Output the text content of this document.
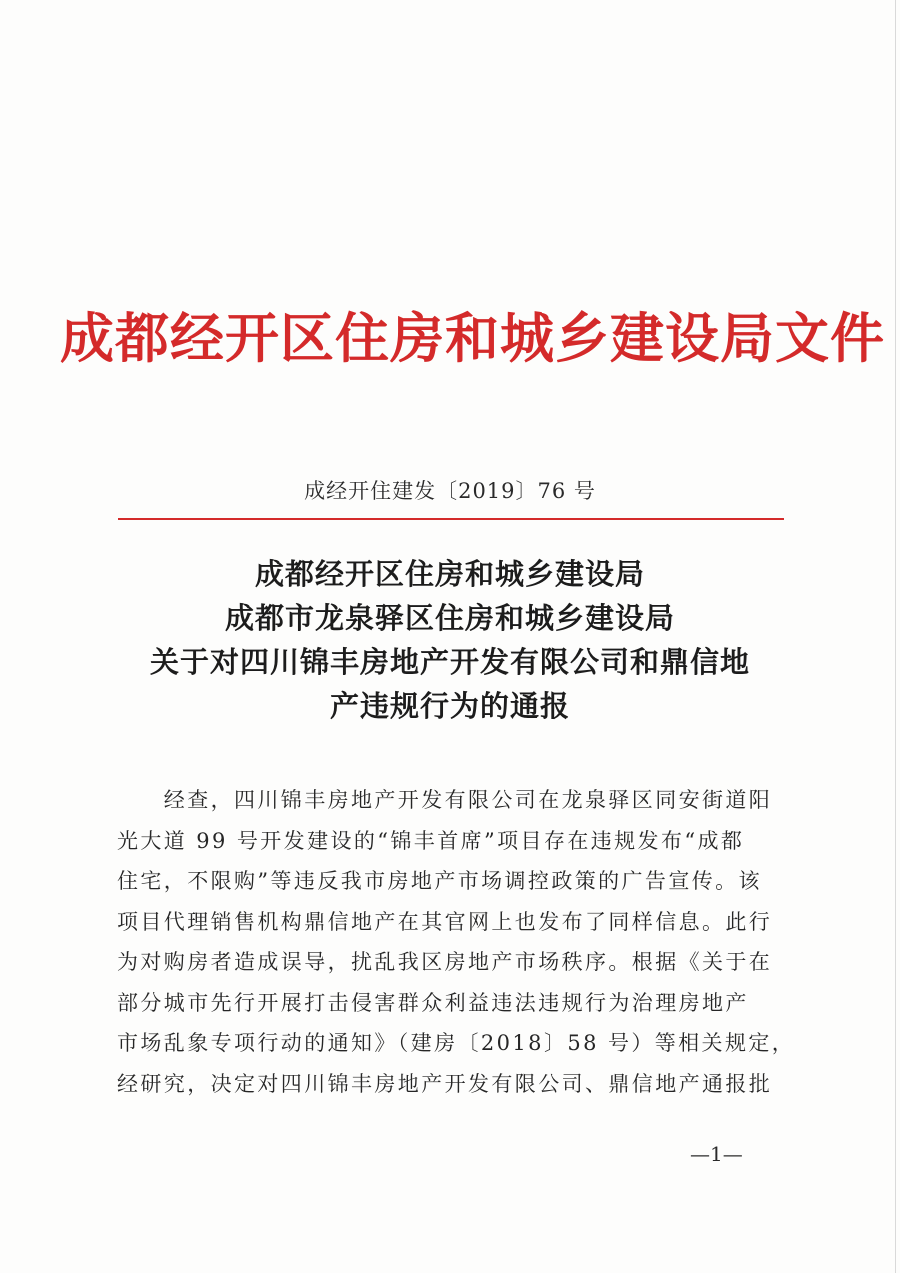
成都经开区住房和城乡建设局文件
成经开住建发〔2019〕76 号
成都经开区住房和城乡建设局
成都市龙泉驿区住房和城乡建设局
关于对四川锦丰房地产开发有限公司和鼎信地
产违规行为的通报
　　经查，四川锦丰房地产开发有限公司在龙泉驿区同安街道阳
光大道 99 号开发建设的“锦丰首席”项目存在违规发布“成都
住宅，不限购”等违反我市房地产市场调控政策的广告宣传。该
项目代理销售机构鼎信地产在其官网上也发布了同样信息。此行
为对购房者造成误导，扰乱我区房地产市场秩序。根据《关于在
部分城市先行开展打击侵害群众利益违法违规行为治理房地产
市场乱象专项行动的通知》（建房〔2018〕58 号）等相关规定，
经研究，决定对四川锦丰房地产开发有限公司、鼎信地产通报批
—1—
